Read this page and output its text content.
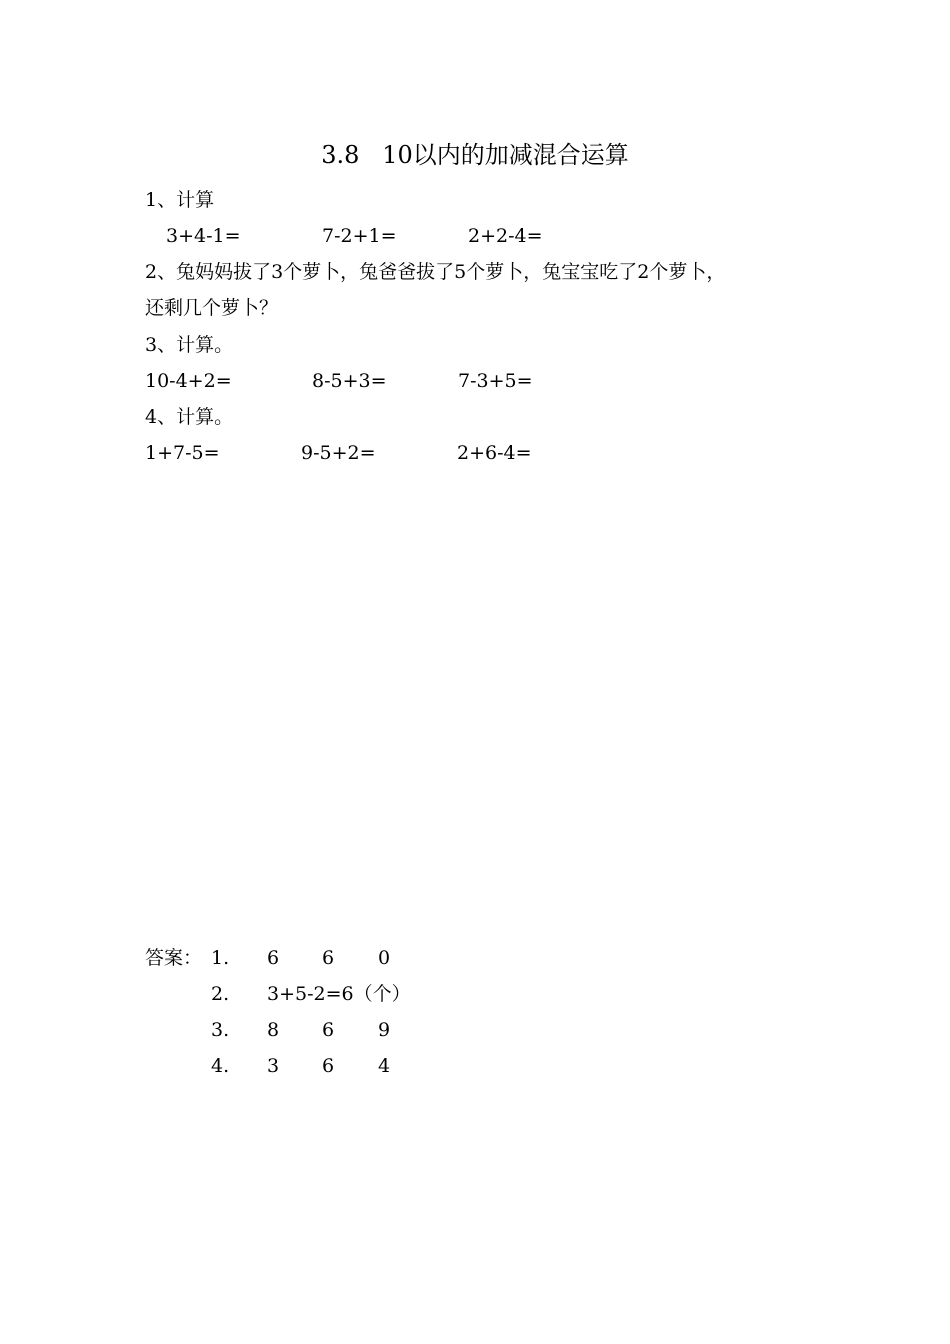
3.8   10以内的加减混合运算
1、计算
3+4-1=	7-2+1=	2+2-4=
2、兔妈妈拔了3个萝卜，兔爸爸拔了5个萝卜，兔宝宝吃了2个萝卜，
还剩几个萝卜？
3、计算。
10-4+2=	8-5+3=	7-3+5=
4、计算。
1+7-5=	9-5+2=	2+6-4=
答案： 1. 6 6 0
2. 3+5-2=6（个）
3. 8 6 9
4. 3 6 4
